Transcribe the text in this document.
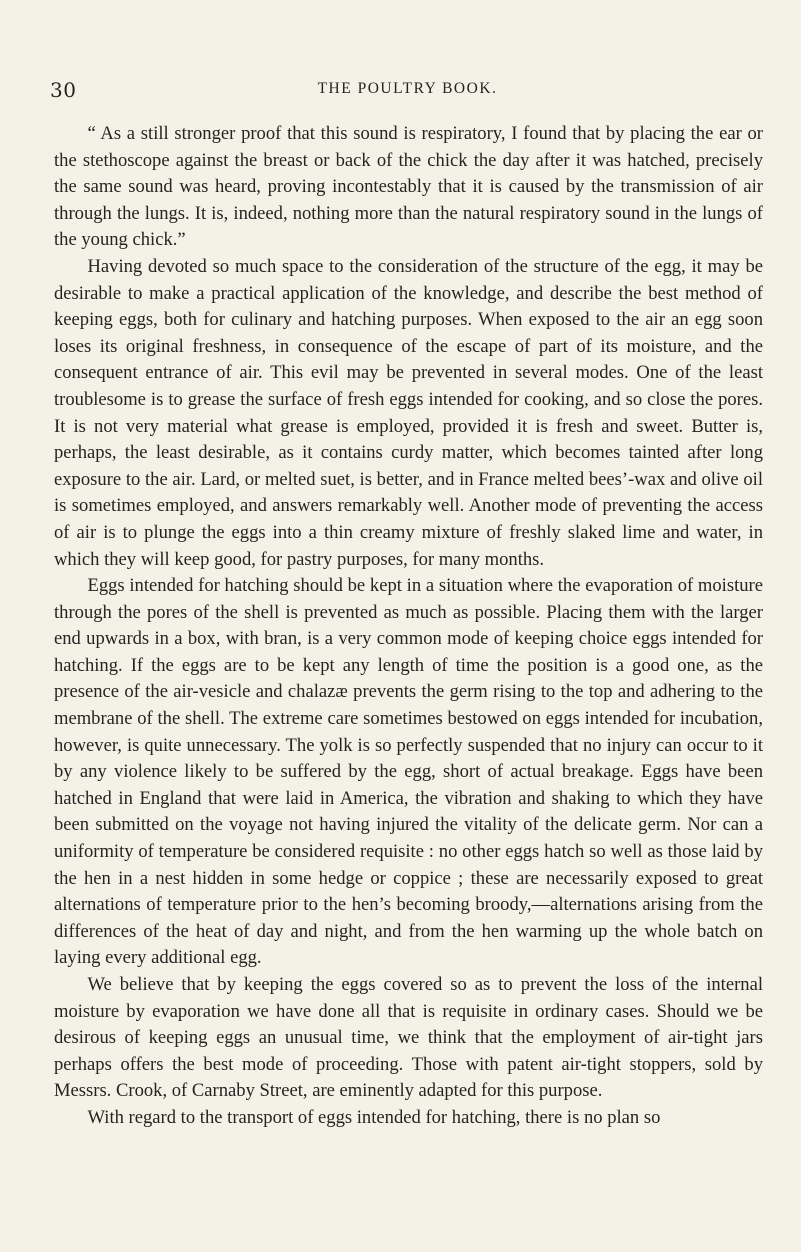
30	THE POULTRY BOOK.

“ As a still stronger proof that this sound is respiratory, I found that by placing the ear or the stethoscope against the breast or back of the chick the day after it was hatched, precisely the same sound was heard, proving incontestably that it is caused by the transmission of air through the lungs. It is, indeed, nothing more than the natural respiratory sound in the lungs of the young chick.”

Having devoted so much space to the consideration of the structure of the egg, it may be desirable to make a practical application of the knowledge, and describe the best method of keeping eggs, both for culinary and hatching purposes. When exposed to the air an egg soon loses its original freshness, in consequence of the escape of part of its moisture, and the consequent entrance of air. This evil may be prevented in several modes. One of the least troublesome is to grease the surface of fresh eggs intended for cooking, and so close the pores. It is not very material what grease is employed, provided it is fresh and sweet. Butter is, perhaps, the least desirable, as it contains curdy matter, which becomes tainted after long exposure to the air. Lard, or melted suet, is better, and in France melted bees’-wax and olive oil is sometimes employed, and answers remarkably well. Another mode of preventing the access of air is to plunge the eggs into a thin creamy mixture of freshly slaked lime and water, in which they will keep good, for pastry purposes, for many months.

Eggs intended for hatching should be kept in a situation where the evaporation of moisture through the pores of the shell is prevented as much as possible. Placing them with the larger end upwards in a box, with bran, is a very common mode of keeping choice eggs intended for hatching. If the eggs are to be kept any length of time the position is a good one, as the presence of the air-vesicle and chalazæ prevents the germ rising to the top and adhering to the membrane of the shell. The extreme care sometimes bestowed on eggs intended for incubation, however, is quite unnecessary. The yolk is so perfectly suspended that no injury can occur to it by any violence likely to be suffered by the egg, short of actual breakage. Eggs have been hatched in England that were laid in America, the vibration and shaking to which they have been submitted on the voyage not having injured the vitality of the delicate germ. Nor can a uniformity of temperature be considered requisite : no other eggs hatch so well as those laid by the hen in a nest hidden in some hedge or coppice ; these are necessarily exposed to great alternations of temperature prior to the hen’s becoming broody,—alternations arising from the differences of the heat of day and night, and from the hen warming up the whole batch on laying every additional egg.

We believe that by keeping the eggs covered so as to prevent the loss of the internal moisture by evaporation we have done all that is requisite in ordinary cases. Should we be desirous of keeping eggs an unusual time, we think that the employment of air-tight jars perhaps offers the best mode of proceeding. Those with patent air-tight stoppers, sold by Messrs. Crook, of Carnaby Street, are eminently adapted for this purpose.

With regard to the transport of eggs intended for hatching, there is no plan so
